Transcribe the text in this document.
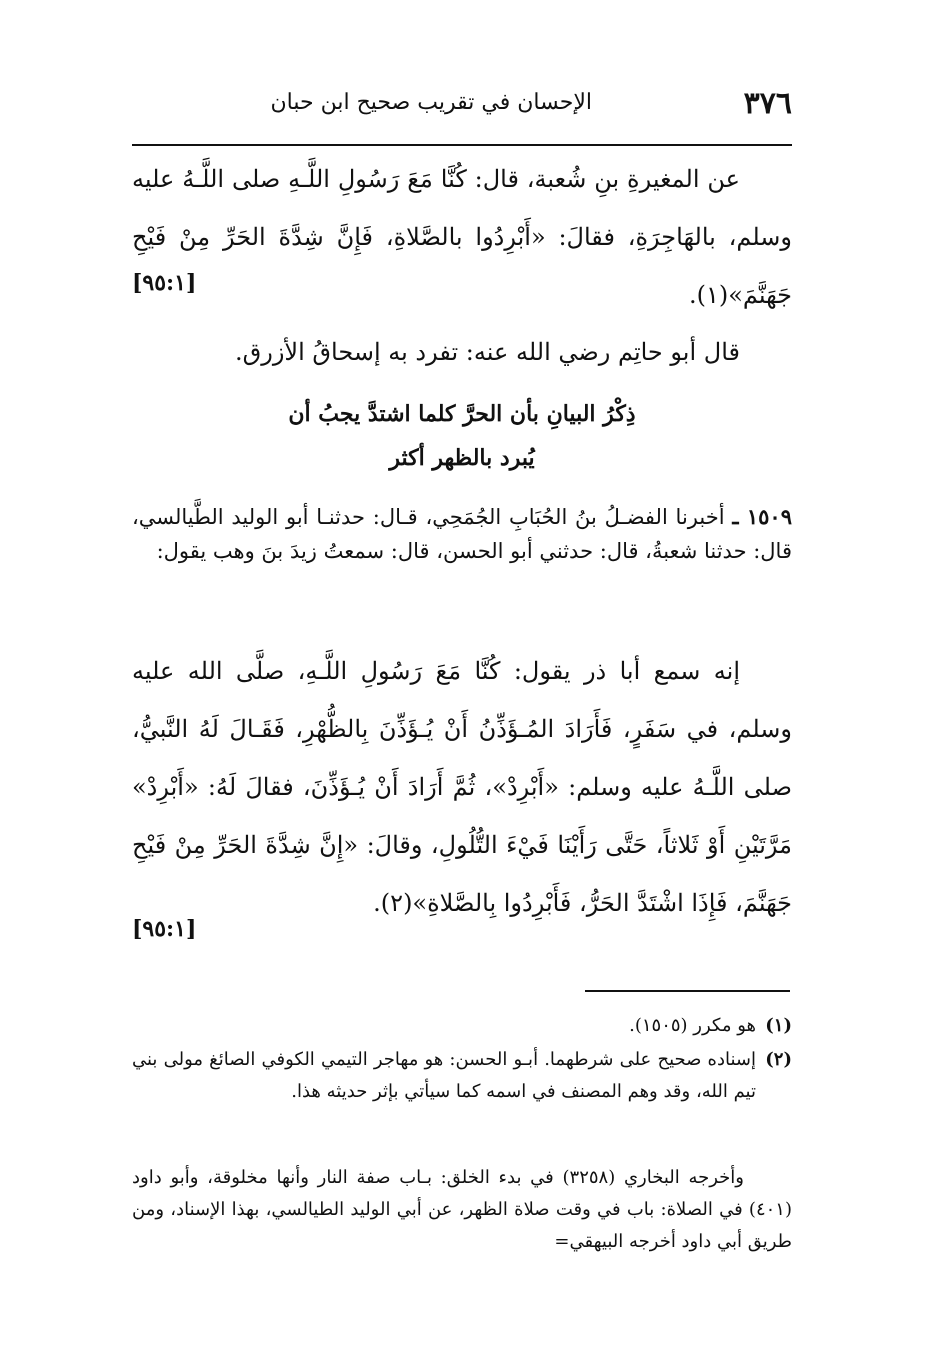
٣٧٦
الإحسان في تقريب صحيح ابن حبان

عن المغيرةِ بنِ شُعبة، قال: كُنَّا مَعَ رَسُولِ اللَّـهِ صلى اللَّـهُ عليه وسلم، بالهَاجِرَةِ، فقالَ: «أَبْرِدُوا بالصَّلاةِ، فَإِنَّ شِدَّةَ الحَرِّ مِنْ فَيْحِ جَهَنَّمَ»(١).

[٩٥:١]
قال أبو حاتِم رضي الله عنه: تفرد به إسحاقُ الأزرق.
ذِكْرُ البيانِ بأن الحرَّ كلما اشتدَّ يجبُ أن
يُبرد بالظهر أكثر

١٥٠٩ ـ أخبرنا الفضـلُ بنُ الحُبَابِ الجُمَحِي، قـال: حدثنـا أبو الوليد الطَّيالسي، قال: حدثنا شعبةُ، قال: حدثني أبو الحسن، قال: سمعتُ زيدَ بنَ وهب يقول:

إنه سمع أبا ذر يقول: كُنَّا مَعَ رَسُولِ اللَّـهِ، صلَّى الله عليه وسلم، في سَفَرٍ، فَأَرَادَ المُـؤَذِّنُ أَنْ يُـؤَذِّنَ بِالظُّهْرِ، فَقَـالَ لَهُ النَّبيُّ، صلى اللَّـهُ عليه وسلم: «أَبْرِدْ»، ثُمَّ أَرَادَ أَنْ يُـؤَذِّنَ، فقالَ لَهُ: «أَبْرِدْ» مَرَّتَيْنِ أَوْ ثَلاثاً، حَتَّى رَأَيْنَا فَيْءَ التُّلُولِ، وقالَ: «إِنَّ شِدَّةَ الحَرِّ مِنْ فَيْحِ جَهَنَّمَ، فَإِذَا اشْتَدَّ الحَرُّ، فَأَبْرِدُوا بِالصَّلاةِ»(٢).

[٩٥:١]
(١)
هو مكرر (١٥٠٥).
(٢)
إسناده صحيح على شرطهما. أبـو الحسن: هو مهاجر التيمي الكوفي الصائغ مولى بني تيم الله، وقد وهم المصنف في اسمه كما سيأتي بإثر حديثه هذا.
وأخرجه البخاري (٣٢٥٨) في بدء الخلق: بـاب صفة النار وأنها مخلوقة، وأبو داود (٤٠١) في الصلاة: باب في وقت صلاة الظهر، عن أبي الوليد الطيالسي، بهذا الإسناد، ومن طريق أبي داود أخرجه البيهقي=
